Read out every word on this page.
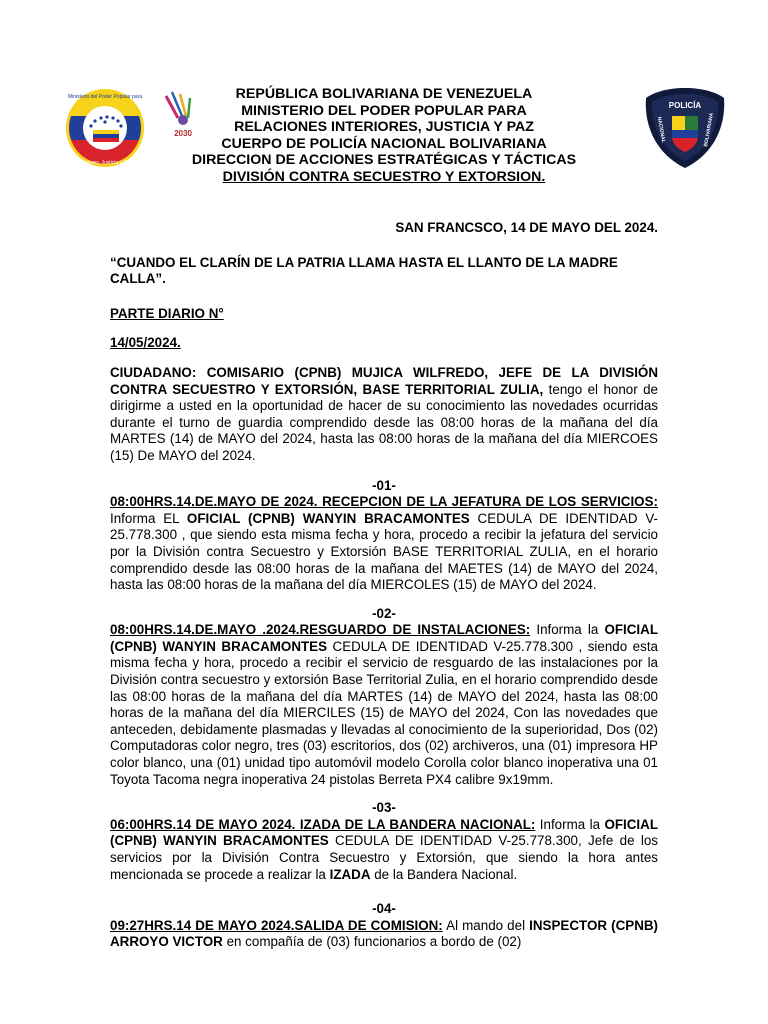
Ministerio del Poder Popular para
Interiores, Justicia y Paz
2030
POLICÍA
NACIONAL	BOLIVARIANA
REPÚBLICA BOLIVARIANA DE VENEZUELA
MINISTERIO DEL PODER POPULAR PARA
RELACIONES INTERIORES, JUSTICIA Y PAZ
CUERPO DE POLICÍA NACIONAL BOLIVARIANA
DIRECCION DE ACCIONES ESTRATÉGICAS Y TÁCTICAS
DIVISIÓN CONTRA SECUESTRO Y EXTORSION.

SAN FRANCSCO, 14 DE MAYO DEL 2024.

“CUANDO EL CLARÍN DE LA PATRIA LLAMA HASTA EL LLANTO DE LA MADRE CALLA”.

PARTE DIARIO N°

14/05/2024.

CIUDADANO: COMISARIO (CPNB) MUJICA WILFREDO, JEFE DE LA DIVISIÓN CONTRA SECUESTRO Y EXTORSIÓN, BASE TERRITORIAL ZULIA, tengo el honor de dirigirme a usted en la oportunidad de hacer de su conocimiento las novedades ocurridas durante el turno de guardia comprendido desde las 08:00 horas de la mañana del día MARTES (14) de MAYO del 2024, hasta las 08:00 horas de la mañana del día MIERCOES (15) De MAYO del 2024.

-01-

08:00HRS.14.DE.MAYO DE 2024. RECEPCION DE LA JEFATURA DE LOS SERVICIOS: Informa EL OFICIAL (CPNB) WANYIN BRACAMONTES CEDULA DE IDENTIDAD V-25.778.300 , que siendo esta misma fecha y hora, procedo a recibir la jefatura del servicio por la División contra Secuestro y Extorsión BASE TERRITORIAL ZULIA, en el horario comprendido desde las 08:00 horas de la mañana del MAETES (14) de MAYO del 2024, hasta las 08:00 horas de la mañana del día MIERCOLES (15) de MAYO del 2024.

-02-

08:00HRS.14.DE.MAYO .2024.RESGUARDO DE INSTALACIONES: Informa la OFICIAL (CPNB) WANYIN BRACAMONTES CEDULA DE IDENTIDAD V-25.778.300 , siendo esta misma fecha y hora, procedo a recibir el servicio de resguardo de las instalaciones por la División contra secuestro y extorsión Base Territorial Zulia, en el horario comprendido desde las 08:00 horas de la mañana del día MARTES (14) de MAYO del 2024, hasta las 08:00 horas de la mañana del día MIERCILES (15) de MAYO del 2024, Con las novedades que anteceden, debidamente plasmadas y llevadas al conocimiento de la superioridad, Dos (02) Computadoras color negro, tres (03) escritorios, dos (02) archiveros, una (01) impresora HP color blanco, una (01) unidad tipo automóvil modelo Corolla color blanco inoperativa una 01 Toyota Tacoma negra inoperativa 24 pistolas Berreta PX4 calibre 9x19mm.

-03-

06:00HRS.14 DE MAYO 2024. IZADA DE LA BANDERA NACIONAL: Informa la OFICIAL (CPNB) WANYIN BRACAMONTES CEDULA DE IDENTIDAD V-25.778.300, Jefe de los servicios por la División Contra Secuestro y Extorsión, que siendo la hora antes mencionada se procede a realizar la IZADA de la Bandera Nacional.

-04-

09:27HRS.14 DE MAYO 2024.SALIDA DE COMISION: Al mando del INSPECTOR (CPNB) ARROYO VICTOR en compañía de (03) funcionarios a bordo de (02)
